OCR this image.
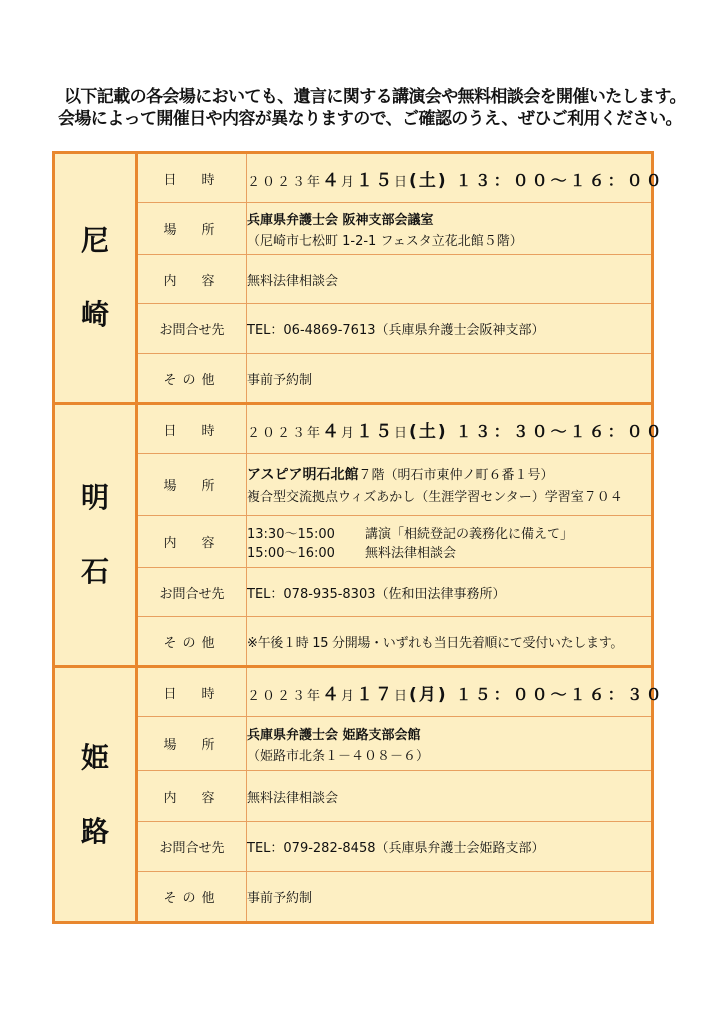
以下記載の各会場においても、遺言に関する講演会や無料相談会を開催いたします。
会場によって開催日や内容が異なりますので、ご確認のうえ、ぜひご利用ください。
尼
崎	日　時	２０２３年４月１５日(土) １３：００〜１６：００
	場　所	兵庫県弁護士会 阪神支部会議室
（尼崎市七松町 1-2-1 フェスタ立花北館５階）

	内　容	無料法律相談会
	お問合せ先	TEL：06-4869-7613（兵庫県弁護士会阪神支部）
	その他	事前予約制

明
石	日　時	２０２３年４月１５日(土) １３：３０〜１６：００
	場　所	アスピア明石北館７階（明石市東仲ノ町６番１号）
複合型交流拠点ウィズあかし（生涯学習センター）学習室７０４

	内　容	13:30〜15:00 講演「相続登記の義務化に備えて」
15:00〜16:00 無料法律相談会

	お問合せ先	TEL：078-935-8303（佐和田法律事務所）
	その他	※午後１時 15 分開場・いずれも当日先着順にて受付いたします。

姫
路	日　時	２０２３年４月１７日(月) １５：００〜１６：３０
	場　所	兵庫県弁護士会 姫路支部会館
（姫路市北条１－４０８－６）

	内　容	無料法律相談会
	お問合せ先	TEL：079-282-8458（兵庫県弁護士会姫路支部）
	その他	事前予約制
